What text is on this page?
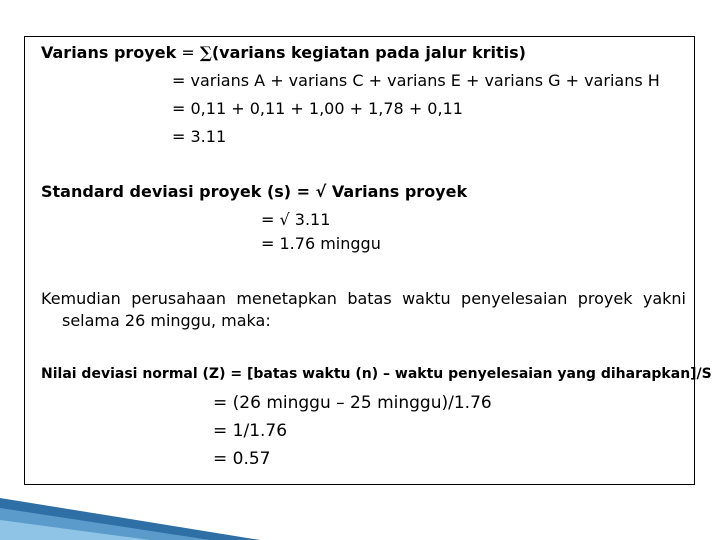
Varians proyek = ∑(varians kegiatan pada jalur kritis)
= varians A + varians C + varians E + varians G + varians H
= 0,11 + 0,11 + 1,00 + 1,78 + 0,11
= 3.11
Standard deviasi proyek (s) = √ Varians proyek
= √ 3.11
= 1.76 minggu
Kemudian perusahaan menetapkan batas waktu penyelesaian proyek yakni
selama 26 minggu, maka:
Nilai deviasi normal (Z) = [batas waktu (n) – waktu penyelesaian yang diharapkan]/S
= (26 minggu – 25 minggu)/1.76
= 1/1.76
= 0.57
